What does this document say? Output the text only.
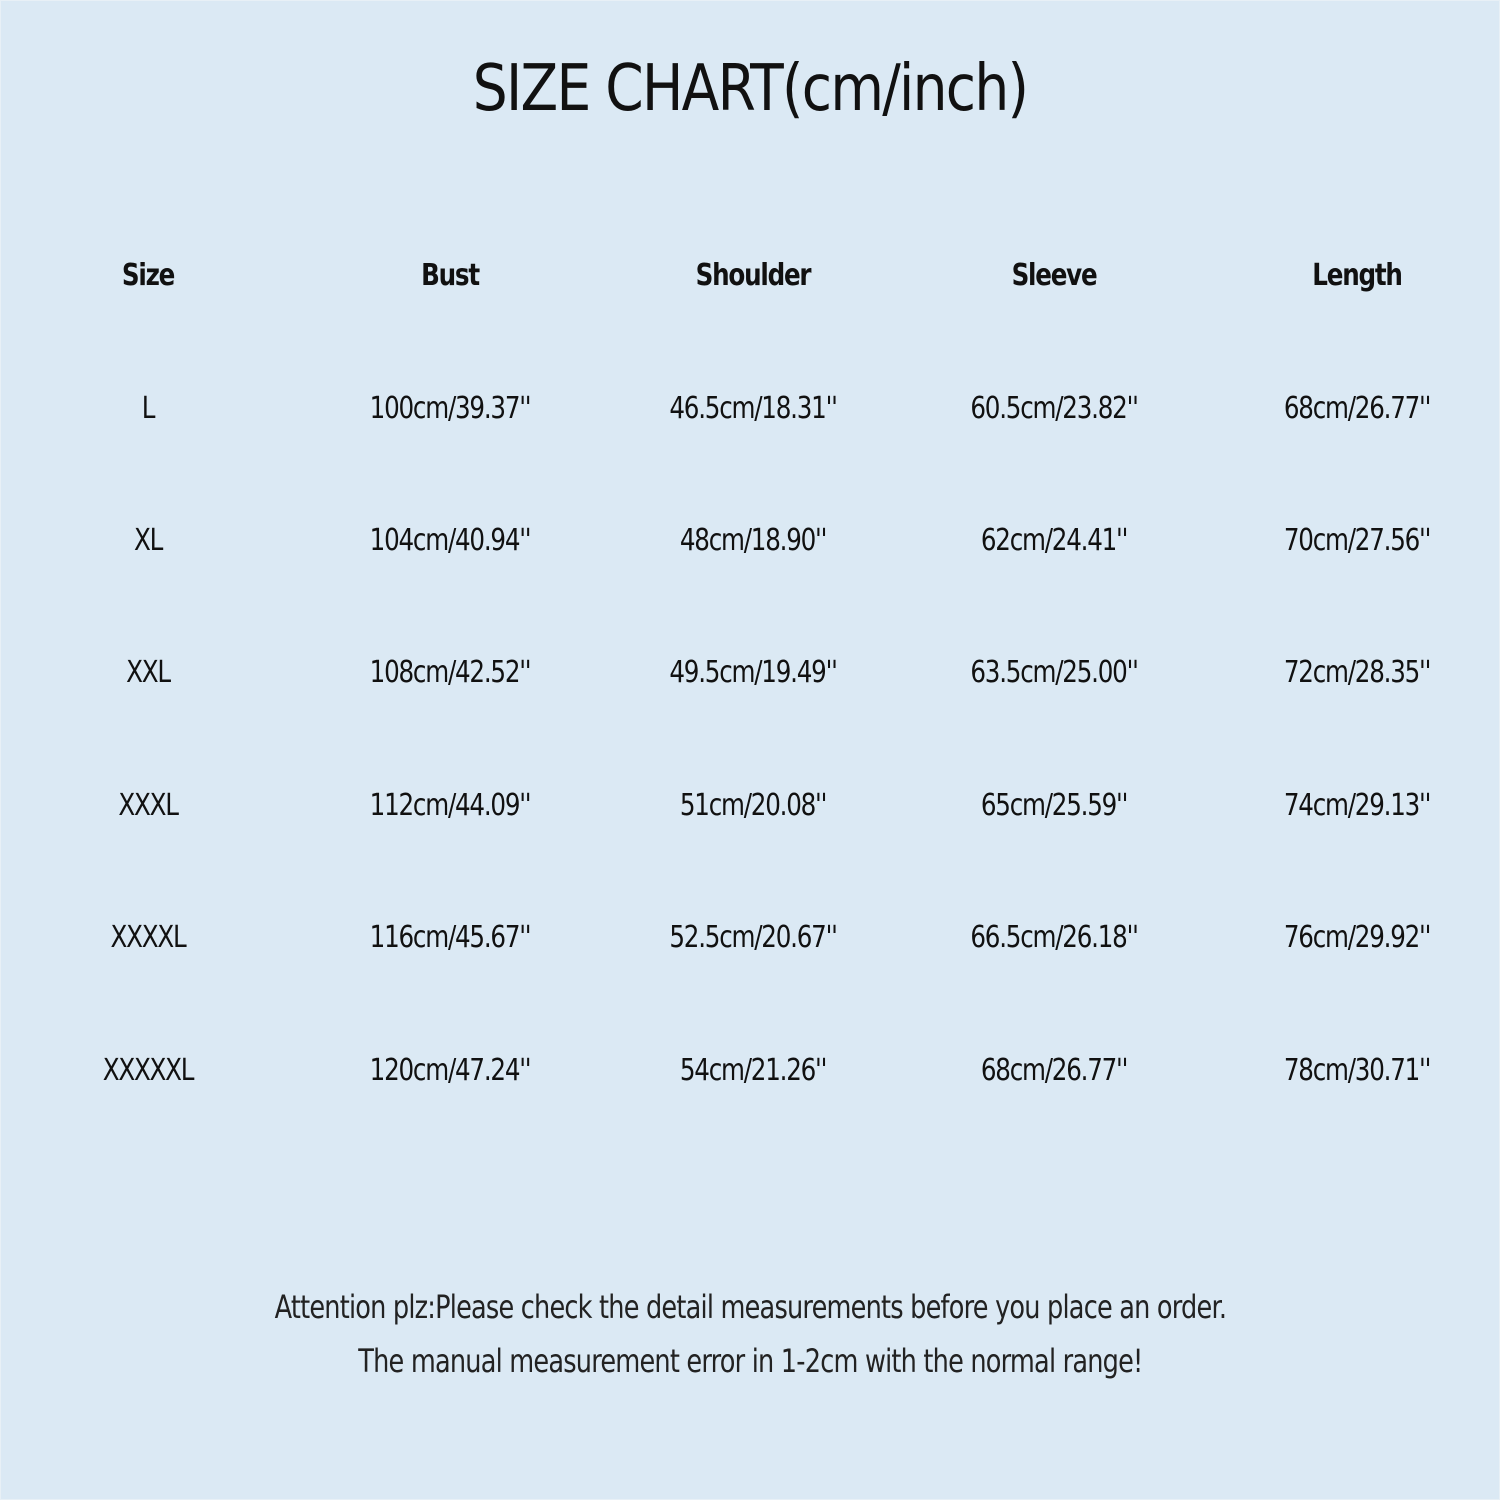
SIZE CHART(cm/inch)
Size	Bust	Shoulder	Sleeve	Length
L	100cm/39.37''	46.5cm/18.31''	60.5cm/23.82''	68cm/26.77''
XL	104cm/40.94''	48cm/18.90''	62cm/24.41''	70cm/27.56''
XXL	108cm/42.52''	49.5cm/19.49''	63.5cm/25.00''	72cm/28.35''
XXXL	112cm/44.09''	51cm/20.08''	65cm/25.59''	74cm/29.13''
XXXXL	116cm/45.67''	52.5cm/20.67''	66.5cm/26.18''	76cm/29.92''
XXXXXL	120cm/47.24''	54cm/21.26''	68cm/26.77''	78cm/30.71''
Attention plz:Please check the detail measurements before you place an order.
The manual measurement error in 1-2cm with the normal range!
